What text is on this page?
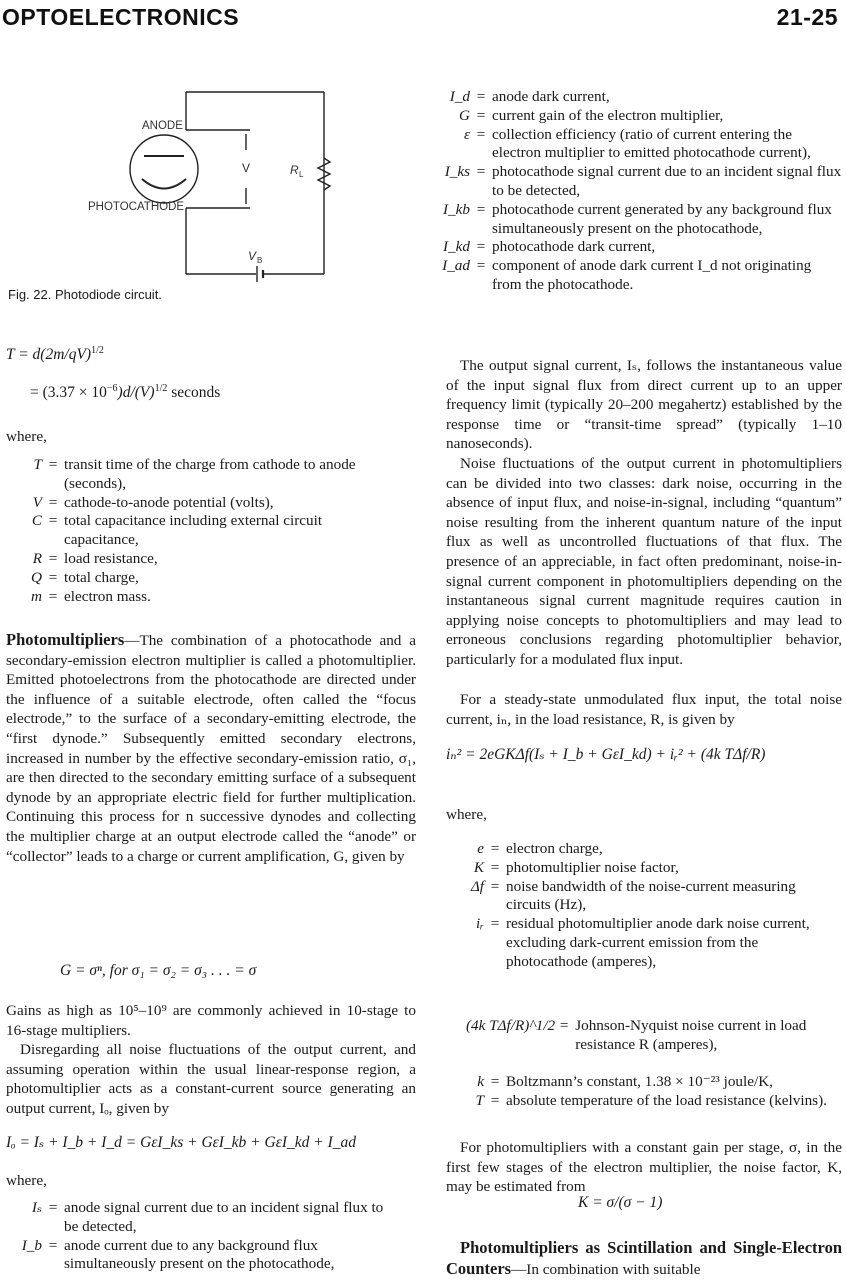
OPTOELECTRONICS	21-25
ANODE
PHOTOCATHODE
V	R L
V B
Fig. 22. Photodiode circuit.
$T = d(2m/qV)^{1/2}$
= $(3.37 \times 10^{-6})d/(V)^{1/2}$ seconds
where,
T = transit time of the charge from cathode to anode (seconds),
V = cathode-to-anode potential (volts),
C = total capacitance including external circuit capacitance,
R = load resistance,
Q = total charge,
m = electron mass.

Photomultipliers—The combination of a photocathode and a secondary-emission electron multiplier is called a photomultiplier. Emitted photoelectrons from the photocathode are directed under the influence of a suitable electrode, often called the “focus electrode,” to the surface of a secondary-emitting electrode, the “first dynode.” Subsequently emitted secondary electrons, increased in number by the effective secondary-emission ratio, σ₁, are then directed to the secondary emitting surface of a subsequent dynode by an appropriate electric field for further multiplication. Continuing this process for n successive dynodes and collecting the multiplier charge at an output electrode called the “anode” or “collector” leads to a charge or current amplification, G, given by

G = σⁿ, for σ₁ = σ₂ = σ₃ . . . = σ

Gains as high as 10⁵–10⁹ are commonly achieved in 10-stage to 16-stage multipliers.

Disregarding all noise fluctuations of the output current, and assuming operation within the usual linear-response region, a photomultiplier acts as a constant-current source generating an output current, Iₒ, given by

Iₒ = Iₛ + I_b + I_d = GεI_ks + GεI_kb + GεI_kd + I_ad
where,
Iₛ = anode signal current due to an incident signal flux to be detected,
I_b = anode current due to any background flux simultaneously present on the photocathode,
I_d = anode dark current,
G = current gain of the electron multiplier,
ε = collection efficiency (ratio of current entering the electron multiplier to emitted photocathode current),
I_ks = photocathode signal current due to an incident signal flux to be detected,
I_kb = photocathode current generated by any background flux simultaneously present on the photocathode,
I_kd = photocathode dark current,
I_ad = component of anode dark current I_d not originating from the photocathode.

The output signal current, Iₛ, follows the instantaneous value of the input signal flux from direct current up to an upper frequency limit (typically 20–200 megahertz) established by the response time or “transit-time spread” (typically 1–10 nanoseconds).

Noise fluctuations of the output current in photomultipliers can be divided into two classes: dark noise, occurring in the absence of input flux, and noise-in-signal, including “quantum” noise resulting from the inherent quantum nature of the input flux as well as uncontrolled fluctuations of that flux. The presence of an appreciable, in fact often predominant, noise-in-signal current component in photomultipliers depending on the instantaneous signal current magnitude requires caution in applying noise concepts to photomultipliers and may lead to erroneous conclusions regarding photomultiplier behavior, particularly for a modulated flux input.

For a steady-state unmodulated flux input, the total noise current, iₙ, in the load resistance, R, is given by

iₙ² = 2eGKΔf(Iₛ + I_b + GεI_kd) + iᵣ² + (4k TΔf/R)
where,
e = electron charge,
K = photomultiplier noise factor,
Δf = noise bandwidth of the noise-current measuring circuits (Hz),
iᵣ = residual photomultiplier anode dark noise current, excluding dark-current emission from the photocathode (amperes),
(4k TΔf/R)^1/2 = Johnson-Nyquist noise current in load resistance R (amperes),
k = Boltzmann’s constant, 1.38 × 10⁻²³ joule/K,
T = absolute temperature of the load resistance (kelvins).

For photomultipliers with a constant gain per stage, σ, in the first few stages of the electron multiplier, the noise factor, K, may be estimated from

K = σ/(σ − 1)

Photomultipliers as Scintillation and Single-Electron Counters—In combination with suitable
